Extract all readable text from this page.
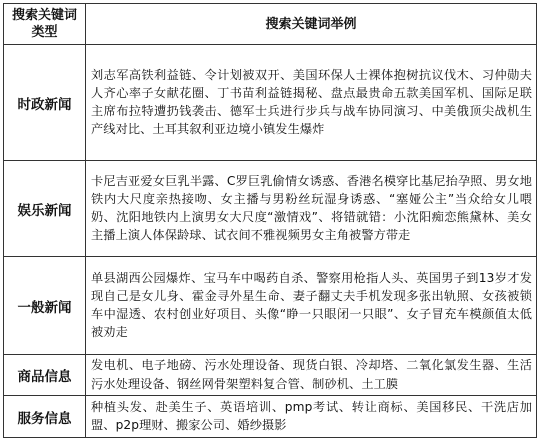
搜索关键词类型	搜索关键词举例
时政新闻	刘志军高铁利益链、令计划被双开、美国环保人士裸体抱树抗议伐木、习仲勋夫人齐心率子女献花圈、丁书苗利益链揭秘、盘点最贵命五款美国军机、国际足联主席布拉特遭扔钱袭击、德军士兵进行步兵与战车协同演习、中美俄顶尖战机生产线对比、土耳其叙利亚边境小镇发生爆炸
娱乐新闻	卡尼吉亚爱女巨乳半露、C罗巨乳偷情女诱惑、香港名模穿比基尼抬孕照、男女地铁内大尺度亲热接吻、女主播与男粉丝玩湿身诱惑、“塞娅公主”当众给女儿喂奶、沈阳地铁内上演男女大尺度“激情戏”、将错就错：小沈阳痴恋熊黛林、美女主播上演人体保龄球、试衣间不雅视频男女主角被警方带走
一般新闻	单县湖西公园爆炸、宝马车中喝药自杀、警察用枪指人头、英国男子到13岁才发现自己是女儿身、霍金寻外星生命、妻子翻丈夫手机发现多张出轨照、女孩被锁车中湿透、农村创业好项目、头像“睁一只眼闭一只眼”、女子冒充车模颜值太低被劝走
商品信息	发电机、电子地磅、污水处理设备、现货白银、冷却塔、二氧化氯发生器、生活污水处理设备、钢丝网骨架塑料复合管、制砂机、土工膜
服务信息	种植头发、赴美生子、英语培训、pmp考试、转让商标、美国移民、干洗店加盟、p2p理财、搬家公司、婚纱摄影
